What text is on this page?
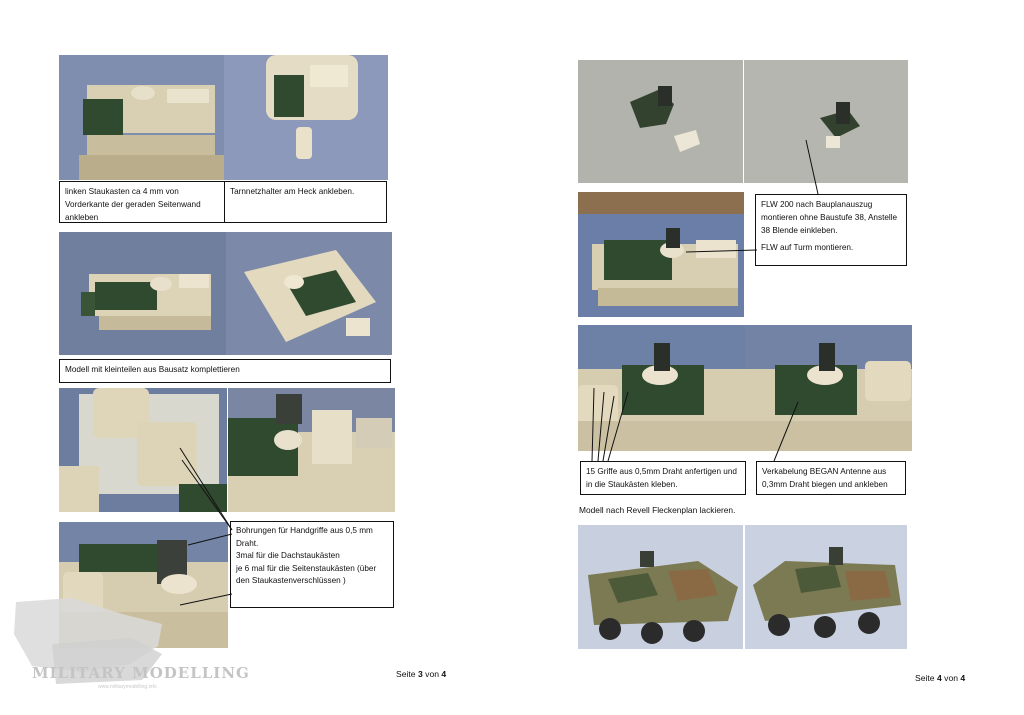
linken Staukasten ca 4 mm von Vorderkante der geraden Seitenwand ankleben
Tarnnetzhalter am Heck ankleben.
Modell mit kleinteilen aus Bausatz komplettieren
Bohrungen für Handgriffe aus 0,5 mm Draht.
3mal für die Dachstaukästen
je 6 mal für die Seitenstaukästen (über den Staukastenverschlüssen )
Seite 3 von 4
FLW 200 nach Bauplanauszug montieren ohne Baustufe 38, Anstelle 38 Blende einkleben.
FLW auf Turm montieren.
15 Griffe aus 0,5mm Draht anfertigen und in die Staukästen kleben.
Verkabelung BEGAN Antenne aus 0,3mm Draht biegen und ankleben
Modell nach Revell Fleckenplan lackieren.
Seite 4 von 4
MILITARY MODELLING
www.militarymodelling.info
